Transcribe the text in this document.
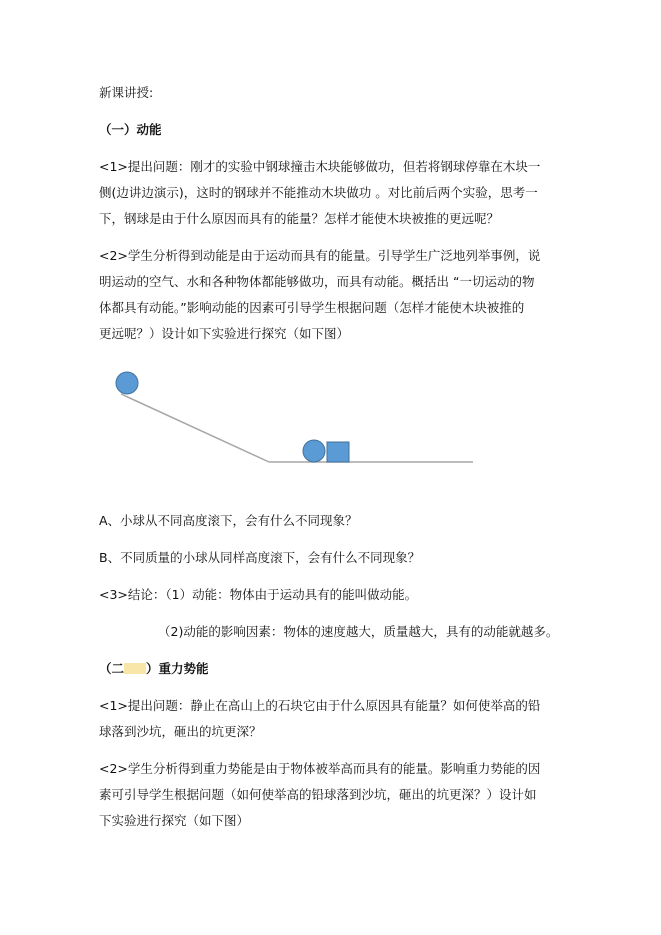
新课讲授:
（一）动能
<1>提出问题：刚才的实验中钢球撞击木块能够做功，但若将钢球停靠在木块一
侧(边讲边演示)，这时的钢球并不能推动木块做功 。对比前后两个实验，思考一
下，钢球是由于什么原因而具有的能量？怎样才能使木块被推的更远呢？
<2>学生分析得到动能是由于运动而具有的能量。引导学生广泛地列举事例，说
明运动的空气、水和各种物体都能够做功，而具有动能。概括出 “一切运动的物
体都具有动能。”影响动能的因素可引导学生根据问题（怎样才能使木块被推的
更远呢？）设计如下实验进行探究（如下图）
A、小球从不同高度滚下，会有什么不同现象？
B、不同质量的小球从同样高度滚下，会有什么不同现象？
<3>结论：（1）动能：物体由于运动具有的能叫做动能。
（2)动能的影响因素：物体的速度越大，质量越大，具有的动能就越多。
（二 ）重力势能
<1>提出问题：静止在高山上的石块它由于什么原因具有能量？如何使举高的铅
球落到沙坑，砸出的坑更深？
<2>学生分析得到重力势能是由于物体被举高而具有的能量。影响重力势能的因
素可引导学生根据问题（如何使举高的铅球落到沙坑，砸出的坑更深？）设计如
下实验进行探究（如下图）
